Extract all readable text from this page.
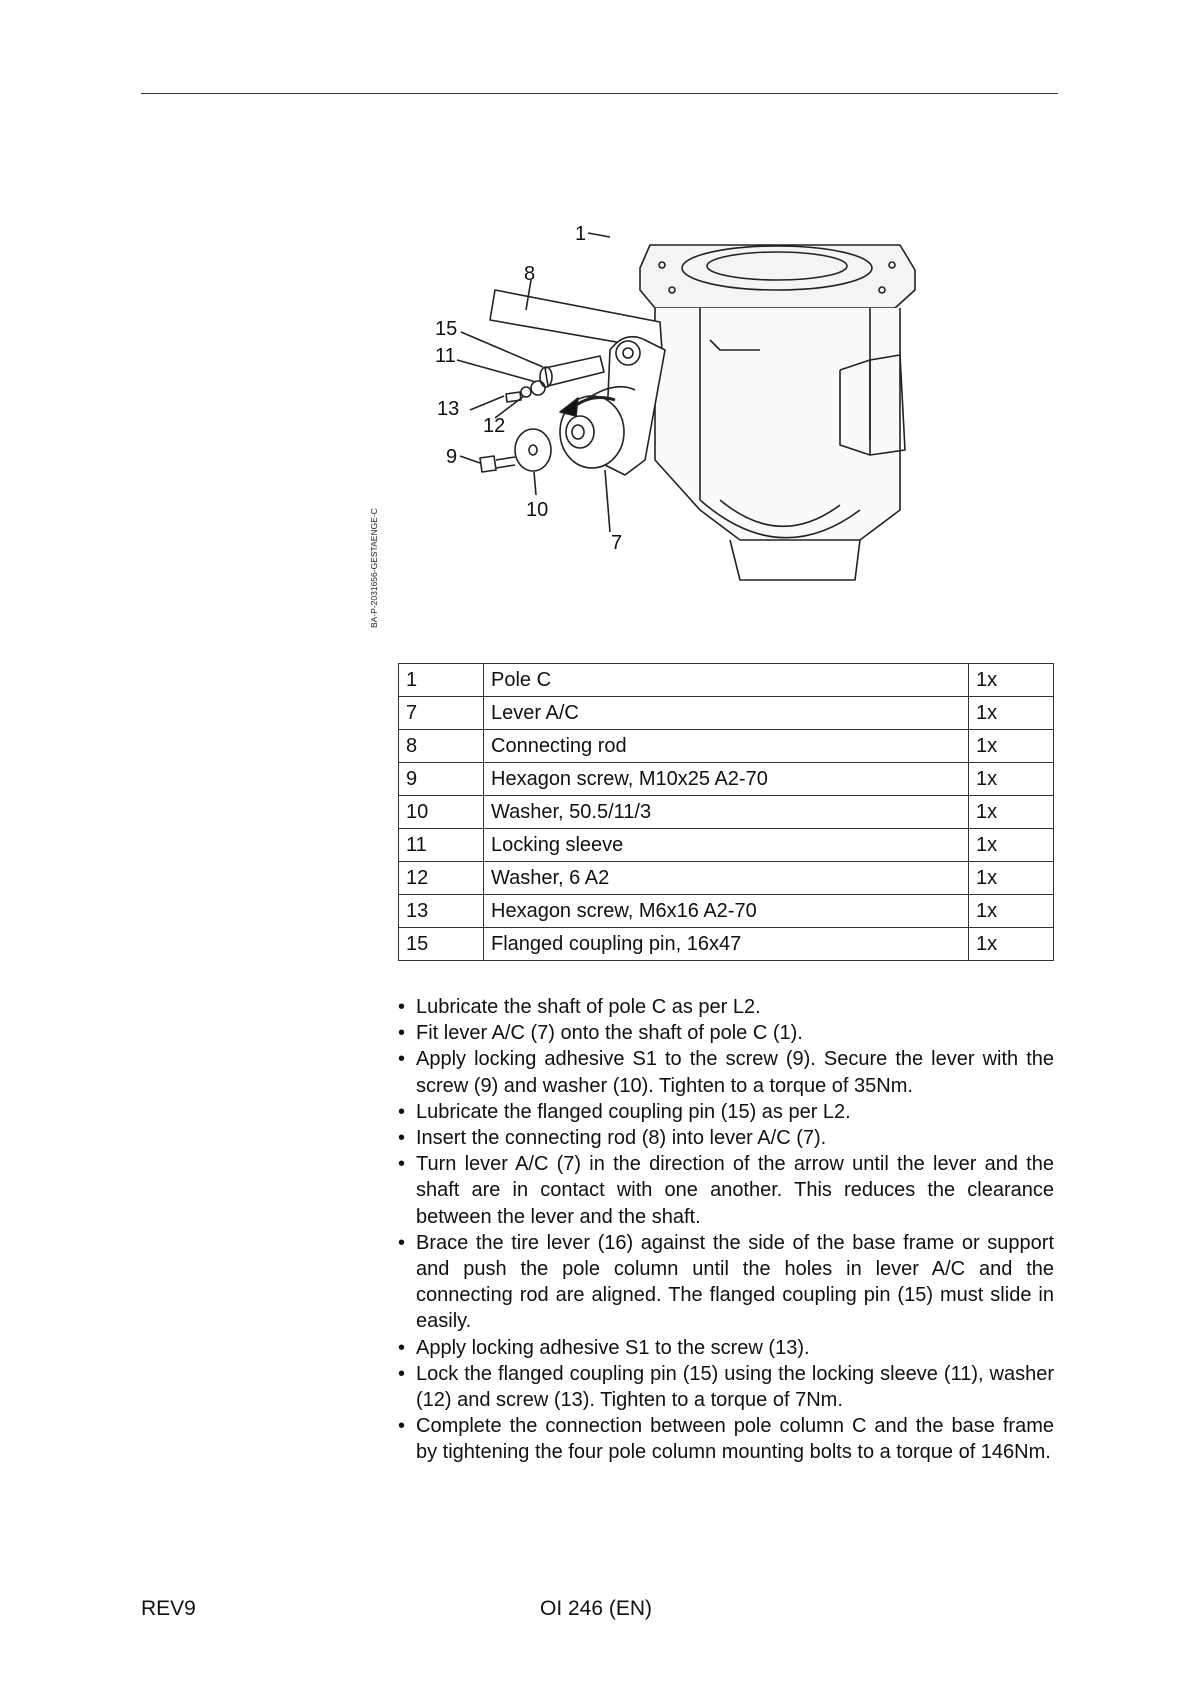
1
8
15
11
13
12
9
10
7
BA-P-2031656-GESTAENGE-C
1	Pole C	1x
7	Lever A/C	1x
8	Connecting rod	1x
9	Hexagon screw, M10x25 A2-70	1x
10	Washer, 50.5/11/3	1x
11	Locking sleeve	1x
12	Washer, 6 A2	1x
13	Hexagon screw, M6x16 A2-70	1x
15	Flanged coupling pin, 16x47	1x
• Lubricate the shaft of pole C as per L2.
• Fit lever A/C (7) onto the shaft of pole C (1).
• Apply locking adhesive S1 to the screw (9). Secure the lever with the screw (9) and washer (10). Tighten to a torque of 35Nm.
• Lubricate the flanged coupling pin (15) as per L2.
• Insert the connecting rod (8) into lever A/C (7).
• Turn lever A/C (7) in the direction of the arrow until the lever and the shaft are in contact with one another. This reduces the clearance between the lever and the shaft.
• Brace the tire lever (16) against the side of the base frame or support and push the pole column until the holes in lever A/C and the connecting rod are aligned. The flanged coupling pin (15) must slide in easily.
• Apply locking adhesive S1 to the screw (13).
• Lock the flanged coupling pin (15) using the locking sleeve (11), washer (12) and screw (13). Tighten to a torque of 7Nm.
• Complete the connection between pole column C and the base frame by tightening the four pole column mounting bolts to a torque of 146Nm.
REV9	OI 246 (EN)
